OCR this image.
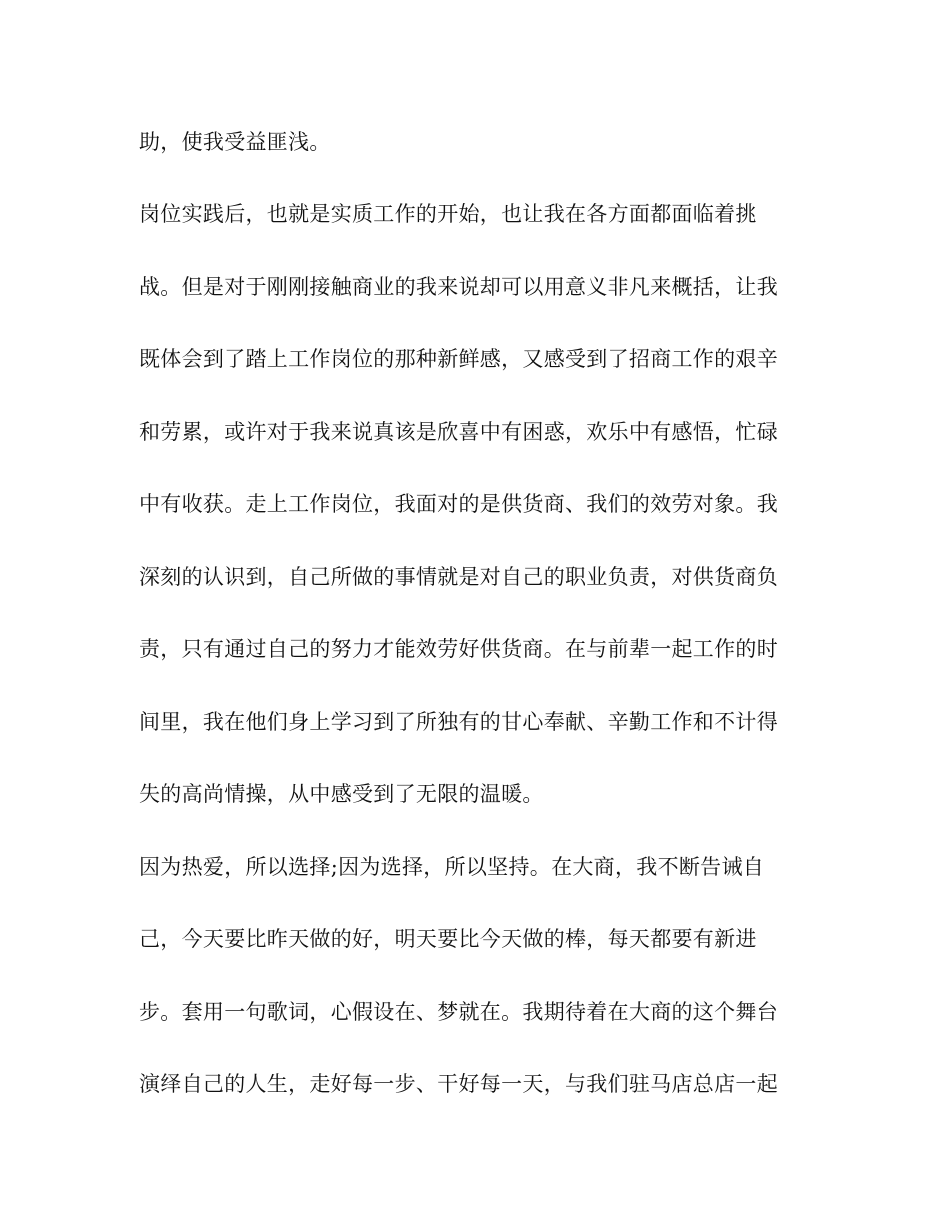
助，使我受益匪浅。
岗位实践后，也就是实质工作的开始，也让我在各方面都面临着挑
战。但是对于刚刚接触商业的我来说却可以用意义非凡来概括，让我
既体会到了踏上工作岗位的那种新鲜感，又感受到了招商工作的艰辛
和劳累，或许对于我来说真该是欣喜中有困惑，欢乐中有感悟，忙碌
中有收获。走上工作岗位，我面对的是供货商、我们的效劳对象。我
深刻的认识到，自己所做的事情就是对自己的职业负责，对供货商负
责，只有通过自己的努力才能效劳好供货商。在与前辈一起工作的时
间里，我在他们身上学习到了所独有的甘心奉献、辛勤工作和不计得
失的高尚情操，从中感受到了无限的温暖。
因为热爱，所以选择;因为选择，所以坚持。在大商，我不断告诫自
己，今天要比昨天做的好，明天要比今天做的棒，每天都要有新进
步。套用一句歌词，心假设在、梦就在。我期待着在大商的这个舞台
演绎自己的人生，走好每一步、干好每一天，与我们驻马店总店一起
